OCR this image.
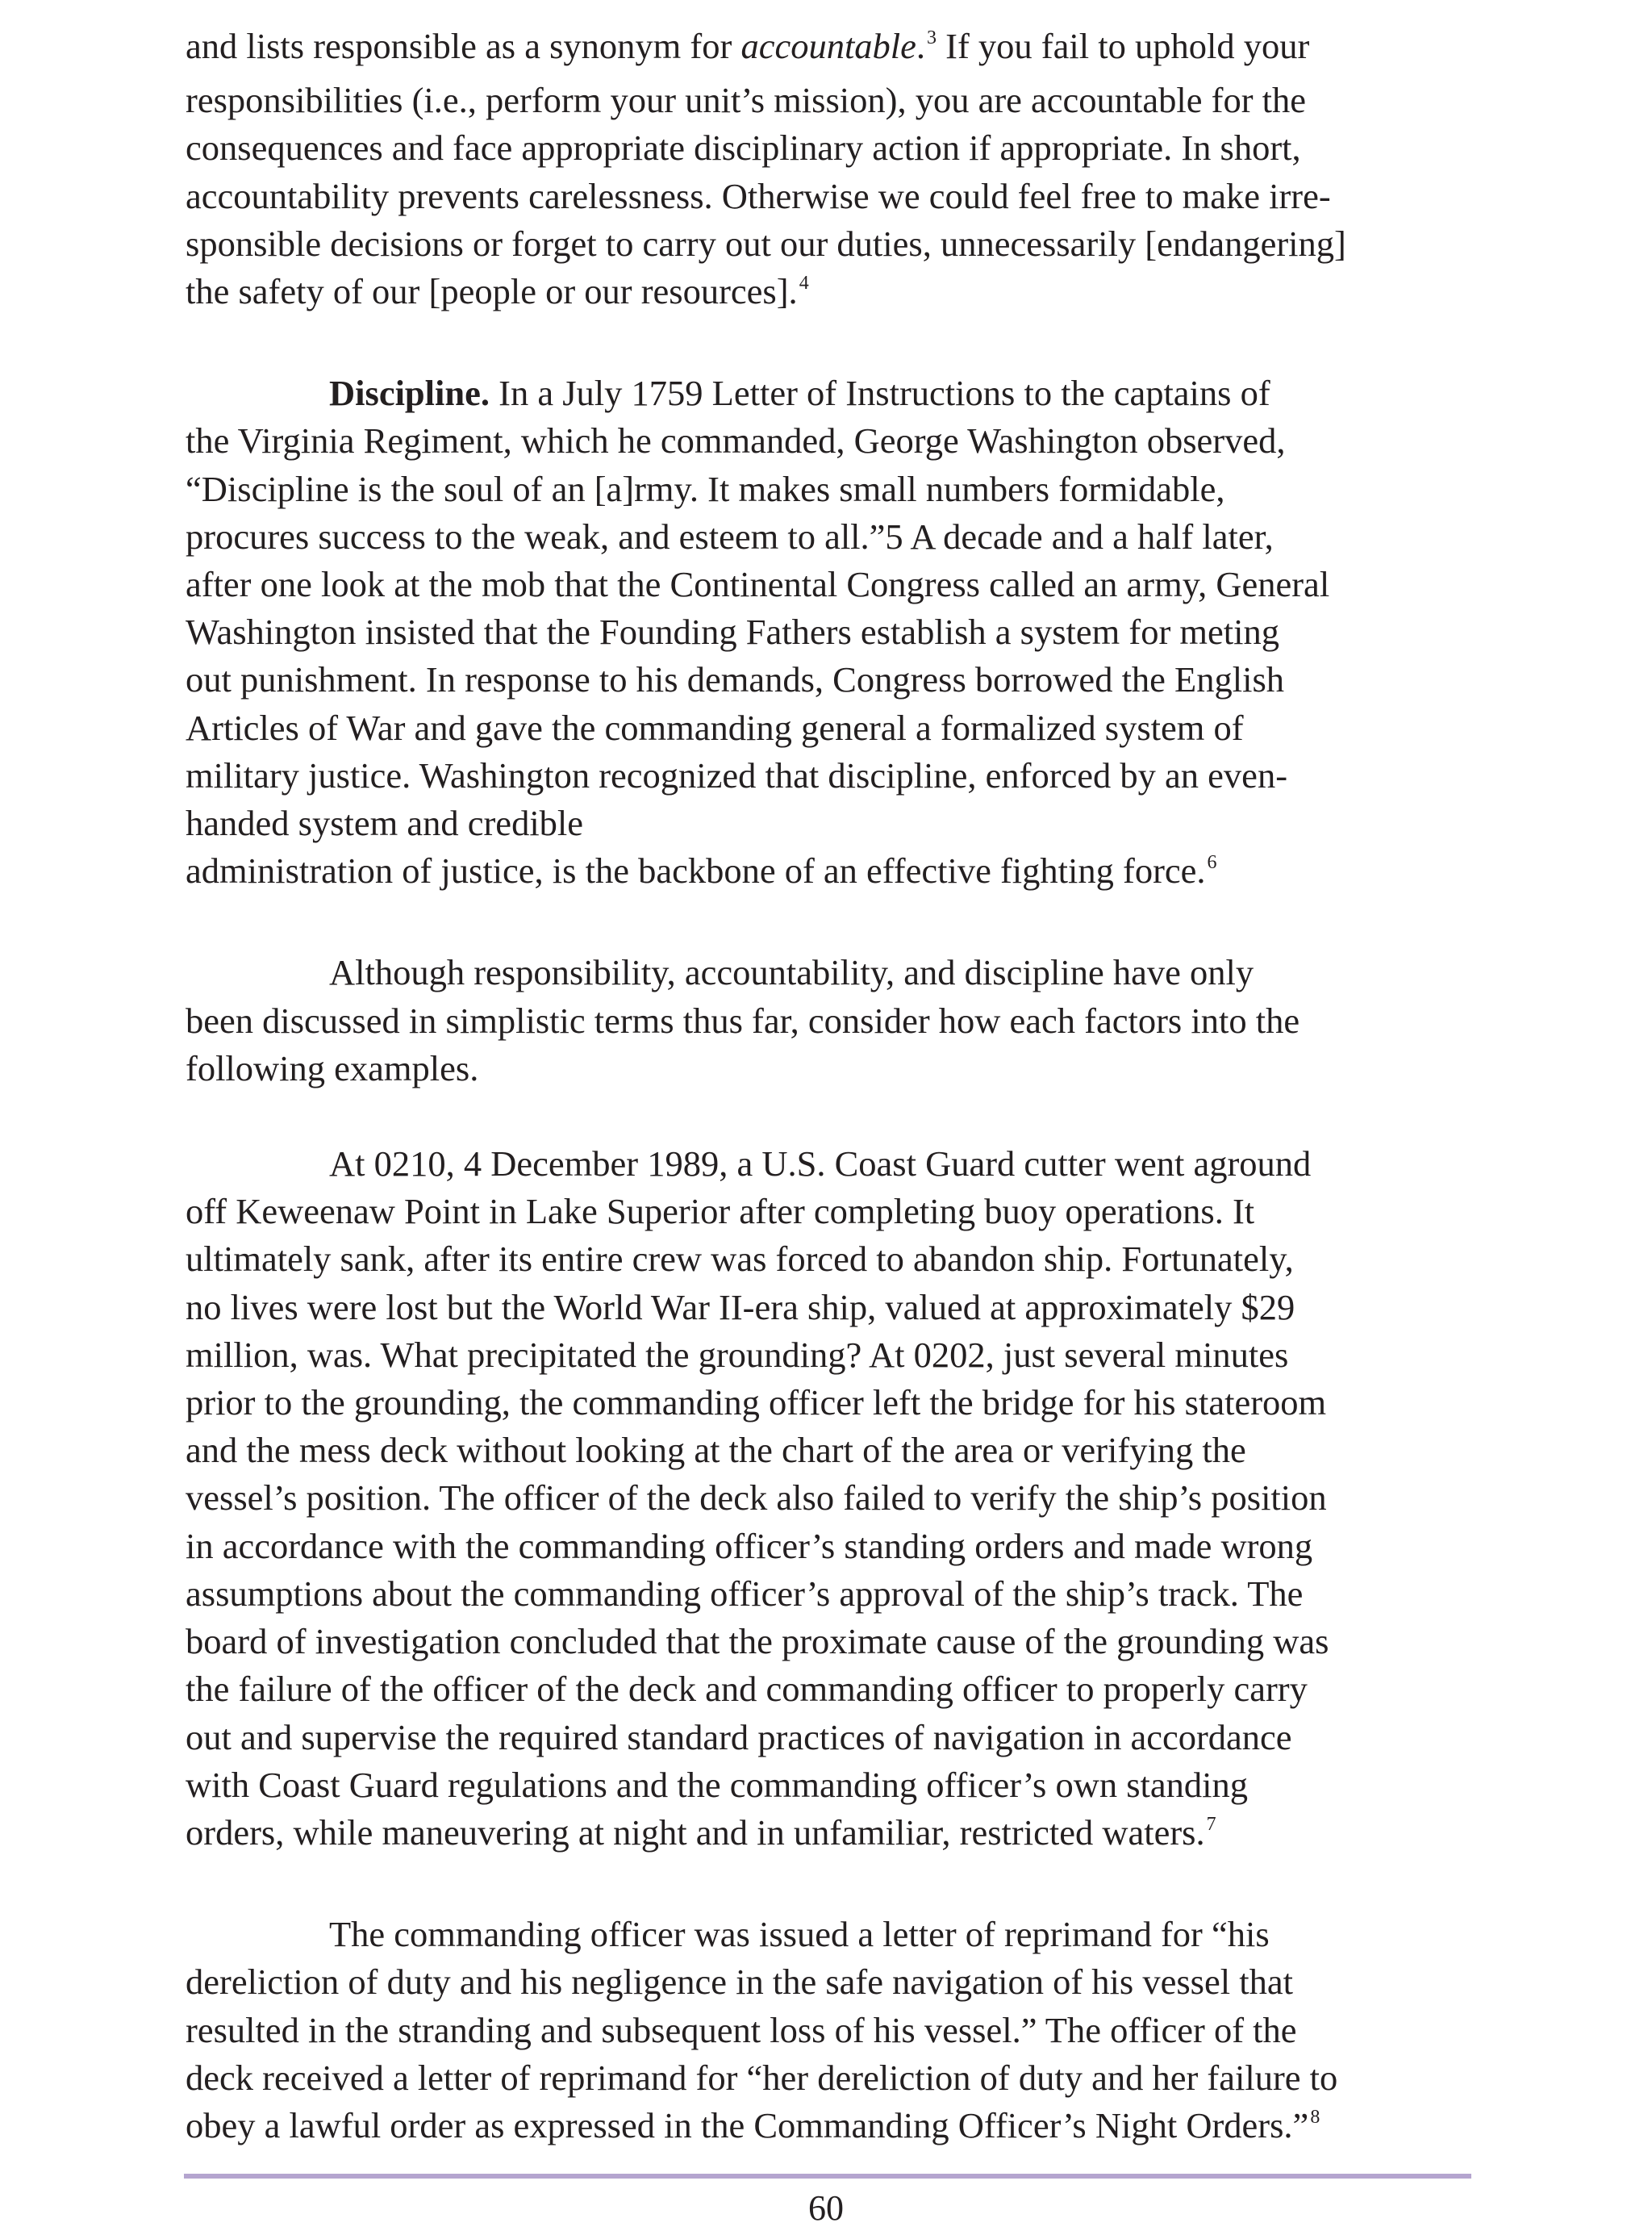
and lists responsible as a synonym for accountable.$^3$ If you fail to uphold your
responsibilities (i.e., perform your unit’s mission), you are accountable for the
consequences and face appropriate disciplinary action if appropriate. In short,
accountability prevents carelessness. Otherwise we could feel free to make irre-
sponsible decisions or forget to carry out our duties, unnecessarily [endangering]
the safety of our [people or our resources].$^4$
Discipline. In a July 1759 Letter of Instructions to the captains of
the Virginia Regiment, which he commanded, George Washington observed,
“Discipline is the soul of an [a]rmy. It makes small numbers formidable,
procures success to the weak, and esteem to all.”5 A decade and a half later,
after one look at the mob that the Continental Congress called an army, General
Washington insisted that the Founding Fathers establish a system for meting
out punishment. In response to his demands, Congress borrowed the English
Articles of War and gave the commanding general a formalized system of
military justice. Washington recognized that discipline, enforced by an even-
handed system and credible
administration of justice, is the backbone of an effective fighting force.$^6$
Although responsibility, accountability, and discipline have only
been discussed in simplistic terms thus far, consider how each factors into the
following examples.
At 0210, 4 December 1989, a U.S. Coast Guard cutter went aground
off Keweenaw Point in Lake Superior after completing buoy operations. It
ultimately sank, after its entire crew was forced to abandon ship. Fortunately,
no lives were lost but the World War II-era ship, valued at approximately $29
million, was. What precipitated the grounding? At 0202, just several minutes
prior to the grounding, the commanding officer left the bridge for his stateroom
and the mess deck without looking at the chart of the area or verifying the
vessel’s position. The officer of the deck also failed to verify the ship’s position
in accordance with the commanding officer’s standing orders and made wrong
assumptions about the commanding officer’s approval of the ship’s track. The
board of investigation concluded that the proximate cause of the grounding was
the failure of the officer of the deck and commanding officer to properly carry
out and supervise the required standard practices of navigation in accordance
with Coast Guard regulations and the commanding officer’s own standing
orders, while maneuvering at night and in unfamiliar, restricted waters.$^7$
The commanding officer was issued a letter of reprimand for “his
dereliction of duty and his negligence in the safe navigation of his vessel that
resulted in the stranding and subsequent loss of his vessel.” The officer of the
deck received a letter of reprimand for “her dereliction of duty and her failure to
obey a lawful order as expressed in the Commanding Officer’s Night Orders.”$^8$
60
